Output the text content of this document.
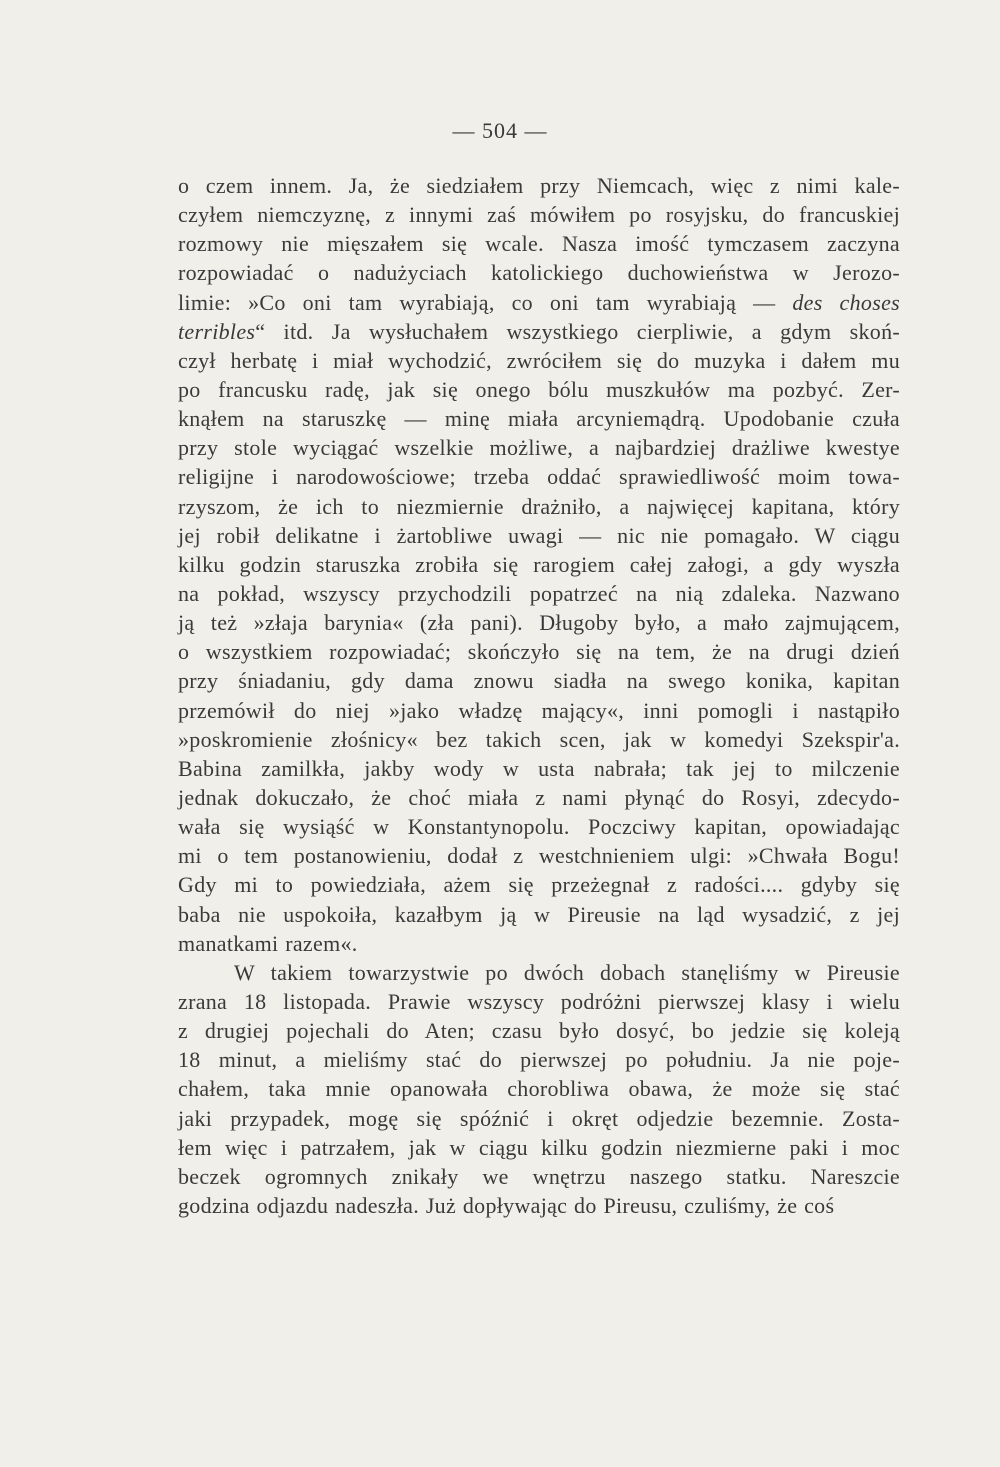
— 504 —
o czem innem. Ja, że siedziałem przy Niemcach, więc z nimi kale-
czyłem niemczyznę, z innymi zaś mówiłem po rosyjsku, do francuskiej
rozmowy nie mięszałem się wcale. Nasza imość tymczasem zaczyna
rozpowiadać o nadużyciach katolickiego duchowieństwa w Jerozo-
limie: »Co oni tam wyrabiają, co oni tam wyrabiają — des choses
terribles“ itd. Ja wysłuchałem wszystkiego cierpliwie, a gdym skoń-
czył herbatę i miał wychodzić, zwróciłem się do muzyka i dałem mu
po francusku radę, jak się onego bólu muszkułów ma pozbyć. Zer-
knąłem na staruszkę — minę miała arcyniemądrą. Upodobanie czuła
przy stole wyciągać wszelkie możliwe, a najbardziej drażliwe kwestye
religijne i narodowościowe; trzeba oddać sprawiedliwość moim towa-
rzyszom, że ich to niezmiernie drażniło, a najwięcej kapitana, który
jej robił delikatne i żartobliwe uwagi — nic nie pomagało. W ciągu
kilku godzin staruszka zrobiła się rarogiem całej załogi, a gdy wyszła
na pokład, wszyscy przychodzili popatrzeć na nią zdaleka. Nazwano
ją też »złaja barynia« (zła pani). Długoby było, a mało zajmującem,
o wszystkiem rozpowiadać; skończyło się na tem, że na drugi dzień
przy śniadaniu, gdy dama znowu siadła na swego konika, kapitan
przemówił do niej »jako władzę mający«, inni pomogli i nastąpiło
»poskromienie złośnicy« bez takich scen, jak w komedyi Szekspir'a.
Babina zamilkła, jakby wody w usta nabrała; tak jej to milczenie
jednak dokuczało, że choć miała z nami płynąć do Rosyi, zdecydo-
wała się wysiąść w Konstantynopolu. Poczciwy kapitan, opowiadając
mi o tem postanowieniu, dodał z westchnieniem ulgi: »Chwała Bogu!
Gdy mi to powiedziała, ażem się przeżegnał z radości.... gdyby się
baba nie uspokoiła, kazałbym ją w Pireusie na ląd wysadzić, z jej
manatkami razem«.
W takiem towarzystwie po dwóch dobach stanęliśmy w Pireusie
zrana 18 listopada. Prawie wszyscy podróżni pierwszej klasy i wielu
z drugiej pojechali do Aten; czasu było dosyć, bo jedzie się koleją
18 minut, a mieliśmy stać do pierwszej po południu. Ja nie poje-
chałem, taka mnie opanowała chorobliwa obawa, że może się stać
jaki przypadek, mogę się spóźnić i okręt odjedzie bezemnie. Zosta-
łem więc i patrzałem, jak w ciągu kilku godzin niezmierne paki i moc
beczek ogromnych znikały we wnętrzu naszego statku. Nareszcie
godzina odjazdu nadeszła. Już dopływając do Pireusu, czuliśmy, że coś
